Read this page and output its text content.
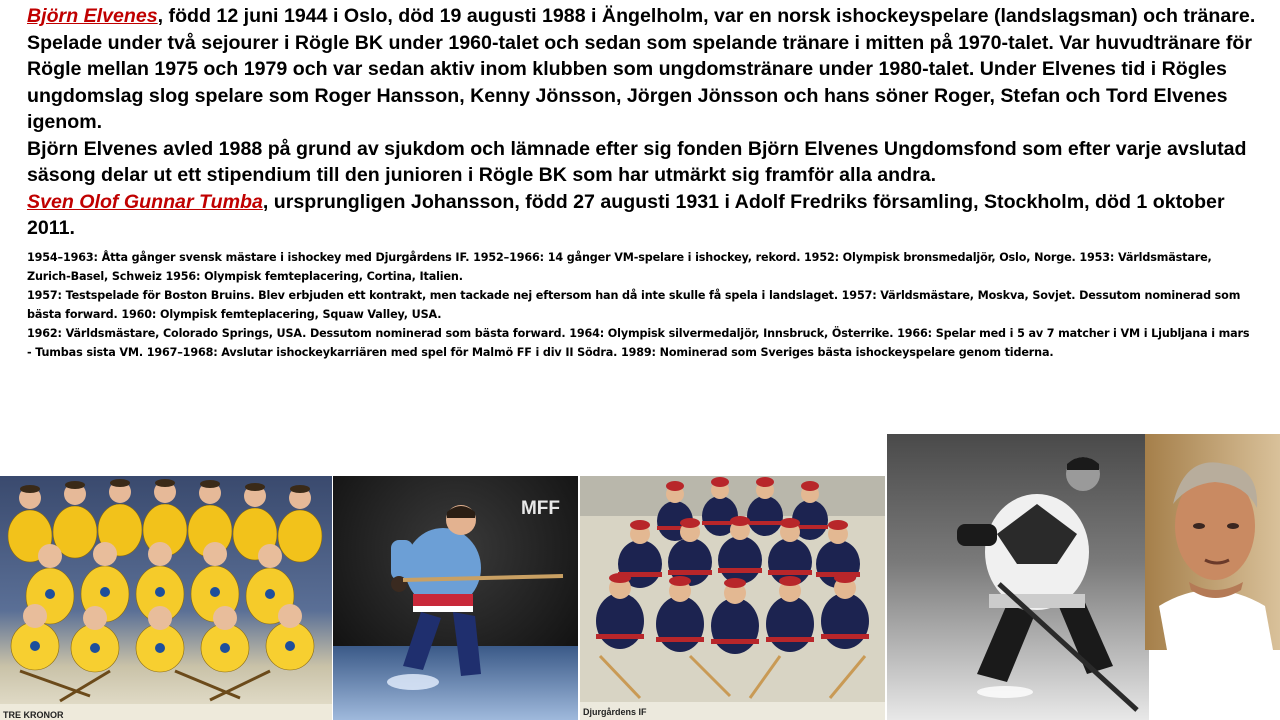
Björn Elvenes, född 12 juni 1944 i Oslo, död 19 augusti 1988 i Ängelholm, var en norsk ishockeyspelare (landslagsman) och tränare.

Spelade under två sejourer i Rögle BK under 1960-talet och sedan som spelande tränare i mitten på 1970-talet. Var huvudtränare för Rögle mellan 1975 och 1979 och var sedan aktiv inom klubben som ungdomstränare under 1980-talet. Under Elvenes tid i Rögles ungdomslag slog spelare som Roger Hansson, Kenny Jönsson, Jörgen Jönsson och hans söner Roger, Stefan och Tord Elvenes igenom.

Björn Elvenes avled 1988 på grund av sjukdom och lämnade efter sig fonden Björn Elvenes Ungdomsfond som efter varje avslutad säsong delar ut ett stipendium till den junioren i Rögle BK som har utmärkt sig framför alla andra.

Sven Olof Gunnar Tumba, ursprungligen Johansson, född 27 augusti 1931 i Adolf Fredriks församling, Stockholm, död 1 oktober 2011.

1954–1963: Åtta gånger svensk mästare i ishockey med Djurgårdens IF. 1952–1966: 14 gånger VM-spelare i ishockey, rekord. 1952: Olympisk bronsmedaljör, Oslo, Norge. 1953: Världsmästare, Zurich-Basel, Schweiz 1956: Olympisk femteplacering, Cortina, Italien.

1957: Testspelade för Boston Bruins. Blev erbjuden ett kontrakt, men tackade nej eftersom han då inte skulle få spela i landslaget. 1957: Världsmästare, Moskva, Sovjet. Dessutom nominerad som bästa forward. 1960: Olympisk femteplacering, Squaw Valley, USA.

1962: Världsmästare, Colorado Springs, USA. Dessutom nominerad som bästa forward. 1964: Olympisk silvermedaljör, Innsbruck, Österrike. 1966: Spelar med i 5 av 7 matcher i VM i Ljubljana i mars - Tumbas sista VM. 1967–1968: Avslutar ishockeykarriären med spel för Malmö FF i div II Södra. 1989: Nominerad som Sveriges bästa ishockeyspelare genom tiderna.

TRE KRONOR
MFF
Djurgårdens IF
